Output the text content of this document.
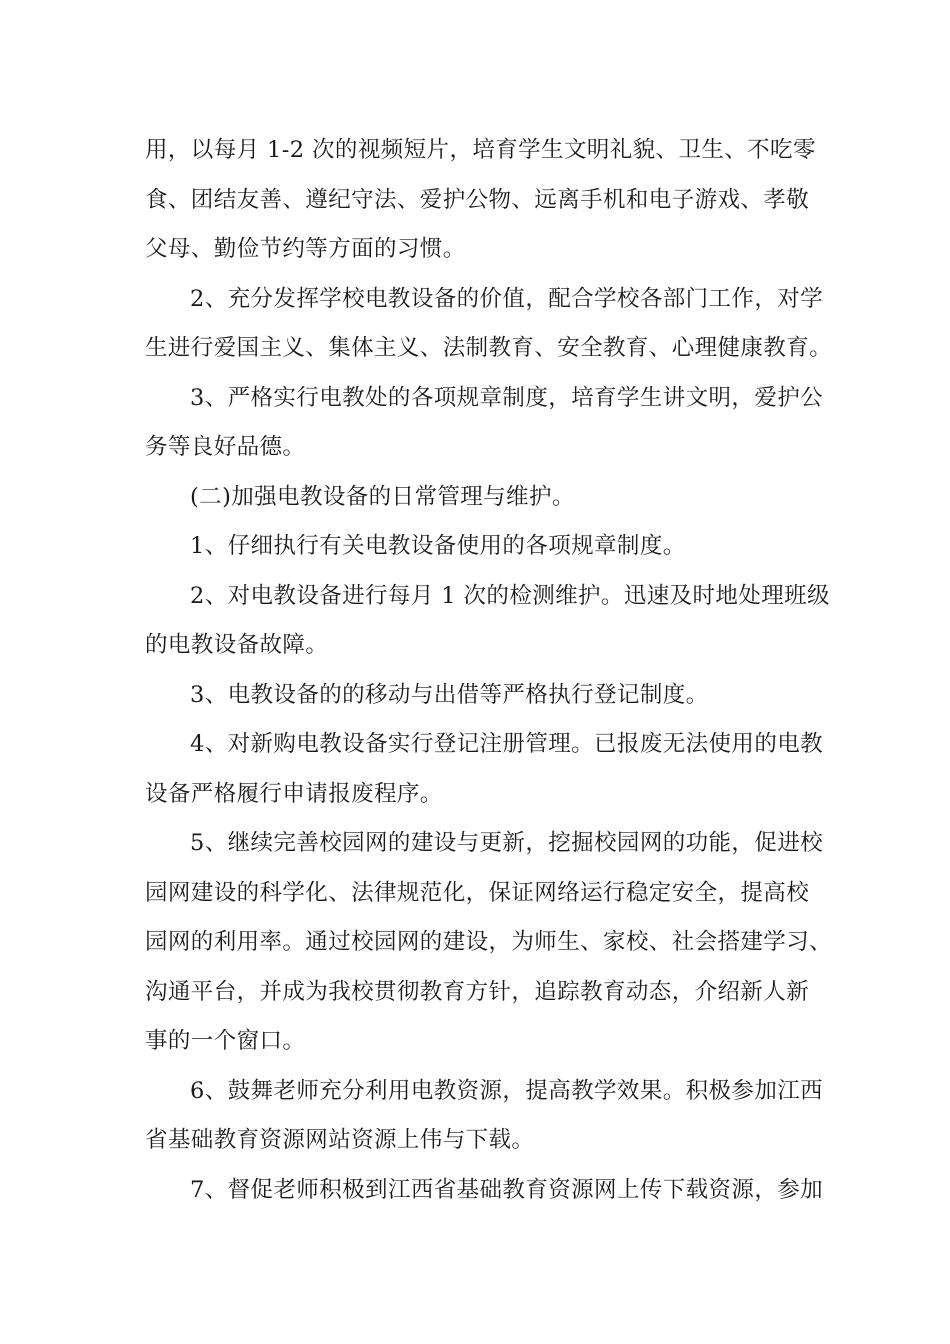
用，以每月 1-2 次的视频短片，培育学生文明礼貌、卫生、不吃零
食、团结友善、遵纪守法、爱护公物、远离手机和电子游戏、孝敬
父母、勤俭节约等方面的习惯。
2、充分发挥学校电教设备的价值，配合学校各部门工作，对学
生进行爱国主义、集体主义、法制教育、安全教育、心理健康教育。
3、严格实行电教处的各项规章制度，培育学生讲文明，爱护公
务等良好品德。
(二)加强电教设备的日常管理与维护。
1、仔细执行有关电教设备使用的各项规章制度。
2、对电教设备进行每月 1 次的检测维护。迅速及时地处理班级
的电教设备故障。
3、电教设备的的移动与出借等严格执行登记制度。
4、对新购电教设备实行登记注册管理。已报废无法使用的电教
设备严格履行申请报废程序。
5、继续完善校园网的建设与更新，挖掘校园网的功能，促进校
园网建设的科学化、法律规范化，保证网络运行稳定安全，提高校
园网的利用率。通过校园网的建设，为师生、家校、社会搭建学习、
沟通平台，并成为我校贯彻教育方针，追踪教育动态，介绍新人新
事的一个窗口。
6、鼓舞老师充分利用电教资源，提高教学效果。积极参加江西
省基础教育资源网站资源上伟与下载。
7、督促老师积极到江西省基础教育资源网上传下载资源，参加
